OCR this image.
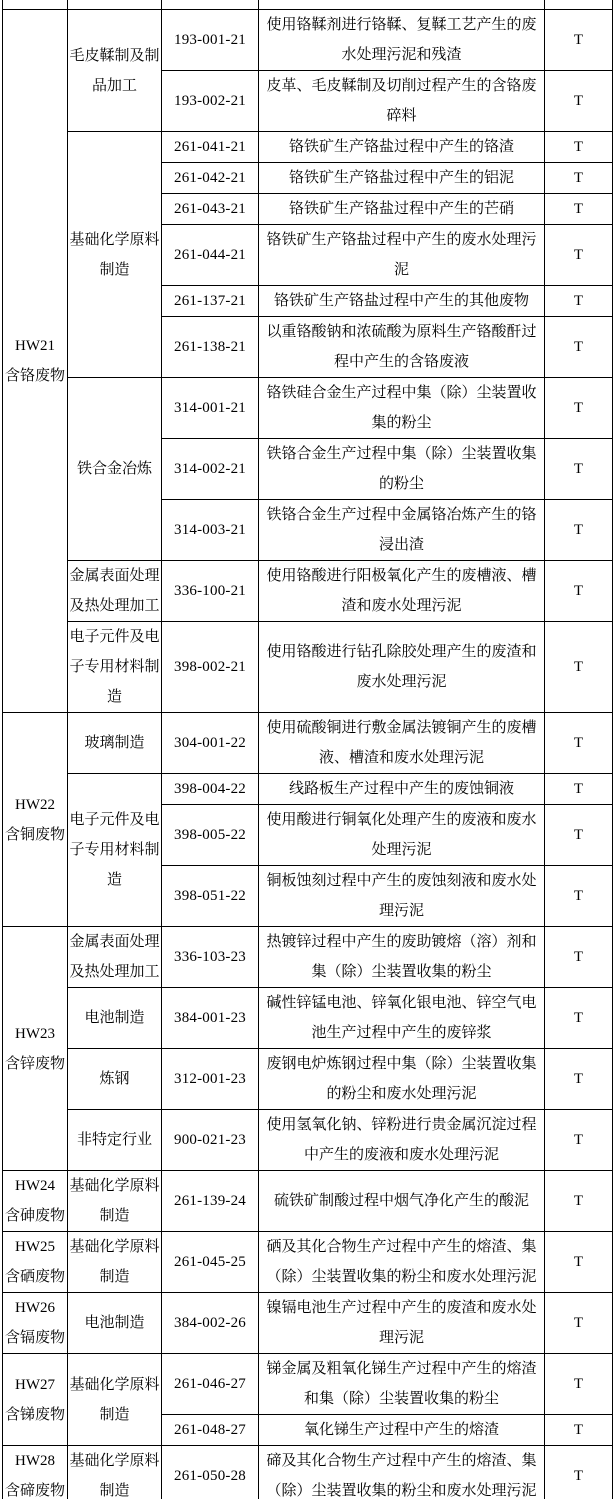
HW21
含铬废物	毛皮鞣制及制品加工	193-001-21	使用铬鞣剂进行铬鞣、复鞣工艺产生的废水处理污泥和残渣	T
		193-002-21	皮革、毛皮鞣制及切削过程产生的含铬废碎料	T
	基础化学原料制造	261-041-21	铬铁矿生产铬盐过程中产生的铬渣	T
		261-042-21	铬铁矿生产铬盐过程中产生的铝泥	T
		261-043-21	铬铁矿生产铬盐过程中产生的芒硝	T
		261-044-21	铬铁矿生产铬盐过程中产生的废水处理污泥	T
		261-137-21	铬铁矿生产铬盐过程中产生的其他废物	T
		261-138-21	以重铬酸钠和浓硫酸为原料生产铬酸酐过程中产生的含铬废液	T
	铁合金冶炼	314-001-21	铬铁硅合金生产过程中集（除）尘装置收集的粉尘	T
		314-002-21	铁铬合金生产过程中集（除）尘装置收集的粉尘	T
		314-003-21	铁铬合金生产过程中金属铬冶炼产生的铬浸出渣	T
	金属表面处理及热处理加工	336-100-21	使用铬酸进行阳极氧化产生的废槽液、槽渣和废水处理污泥	T
	电子元件及电子专用材料制造	398-002-21	使用铬酸进行钻孔除胶处理产生的废渣和废水处理污泥	T

HW22
含铜废物	玻璃制造	304-001-22	使用硫酸铜进行敷金属法镀铜产生的废槽液、槽渣和废水处理污泥	T
	电子元件及电子专用材料制造	398-004-22	线路板生产过程中产生的废蚀铜液	T
		398-005-22	使用酸进行铜氧化处理产生的废液和废水处理污泥	T
		398-051-22	铜板蚀刻过程中产生的废蚀刻液和废水处理污泥	T

HW23
含锌废物	金属表面处理及热处理加工	336-103-23	热镀锌过程中产生的废助镀熔（溶）剂和集（除）尘装置收集的粉尘	T
	电池制造	384-001-23	碱性锌锰电池、锌氧化银电池、锌空气电池生产过程中产生的废锌浆	T
	炼钢	312-001-23	废钢电炉炼钢过程中集（除）尘装置收集的粉尘和废水处理污泥	T
	非特定行业	900-021-23	使用氢氧化钠、锌粉进行贵金属沉淀过程中产生的废液和废水处理污泥	T

HW24
含砷废物	基础化学原料制造	261-139-24	硫铁矿制酸过程中烟气净化产生的酸泥	T

HW25
含硒废物	基础化学原料制造	261-045-25	硒及其化合物生产过程中产生的熔渣、集（除）尘装置收集的粉尘和废水处理污泥	T

HW26
含镉废物	电池制造	384-002-26	镍镉电池生产过程中产生的废渣和废水处理污泥	T

HW27
含锑废物	基础化学原料制造	261-046-27	锑金属及粗氧化锑生产过程中产生的熔渣和集（除）尘装置收集的粉尘	T
		261-048-27	氧化锑生产过程中产生的熔渣	T

HW28
含碲废物	基础化学原料制造	261-050-28	碲及其化合物生产过程中产生的熔渣、集（除）尘装置收集的粉尘和废水处理污泥	T
